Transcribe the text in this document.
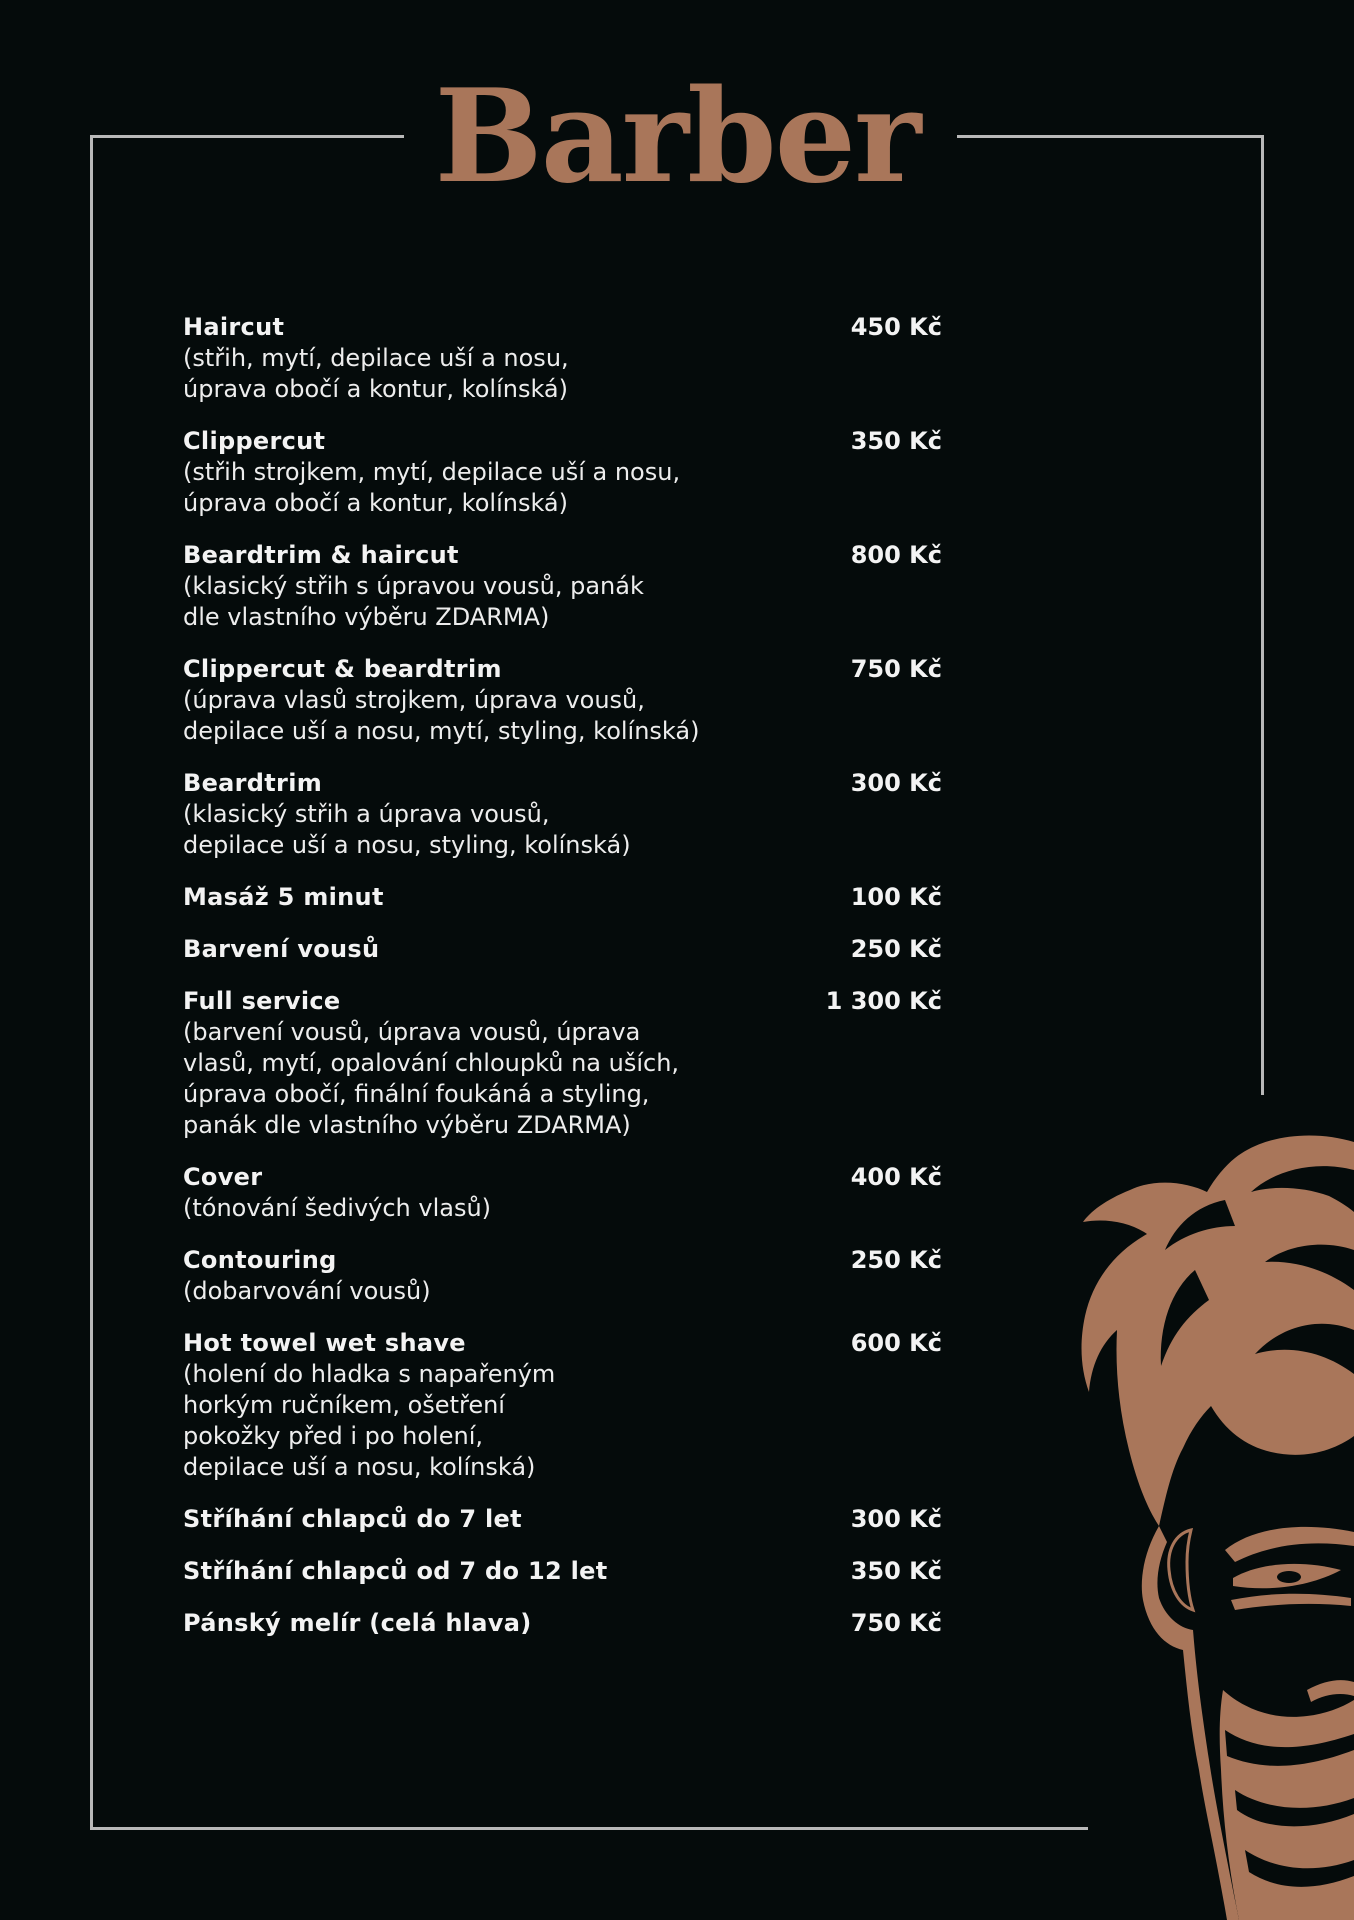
Barber
Haircut	450 Kč
(střih, mytí, depilace uší a nosu,
úprava obočí a kontur, kolínská)
Clippercut	350 Kč
(střih strojkem, mytí, depilace uší a nosu,
úprava obočí a kontur, kolínská)
Beardtrim & haircut	800 Kč
(klasický střih s úpravou vousů, panák
dle vlastního výběru ZDARMA)
Clippercut & beardtrim	750 Kč
(úprava vlasů strojkem, úprava vousů,
depilace uší a nosu, mytí, styling, kolínská)
Beardtrim	300 Kč
(klasický střih a úprava vousů,
depilace uší a nosu, styling, kolínská)
Masáž 5 minut	100 Kč
Barvení vousů	250 Kč
Full service	1 300 Kč
(barvení vousů, úprava vousů, úprava
vlasů, mytí, opalování chloupků na uších,
úprava obočí, finální foukáná a styling,
panák dle vlastního výběru ZDARMA)
Cover	400 Kč
(tónování šedivých vlasů)
Contouring	250 Kč
(dobarvování vousů)
Hot towel wet shave	600 Kč
(holení do hladka s napařeným
horkým ručníkem, ošetření
pokožky před i po holení,
depilace uší a nosu, kolínská)
Stříhání chlapců do 7 let	300 Kč
Stříhání chlapců od 7 do 12 let	350 Kč
Pánský melír (celá hlava)	750 Kč
